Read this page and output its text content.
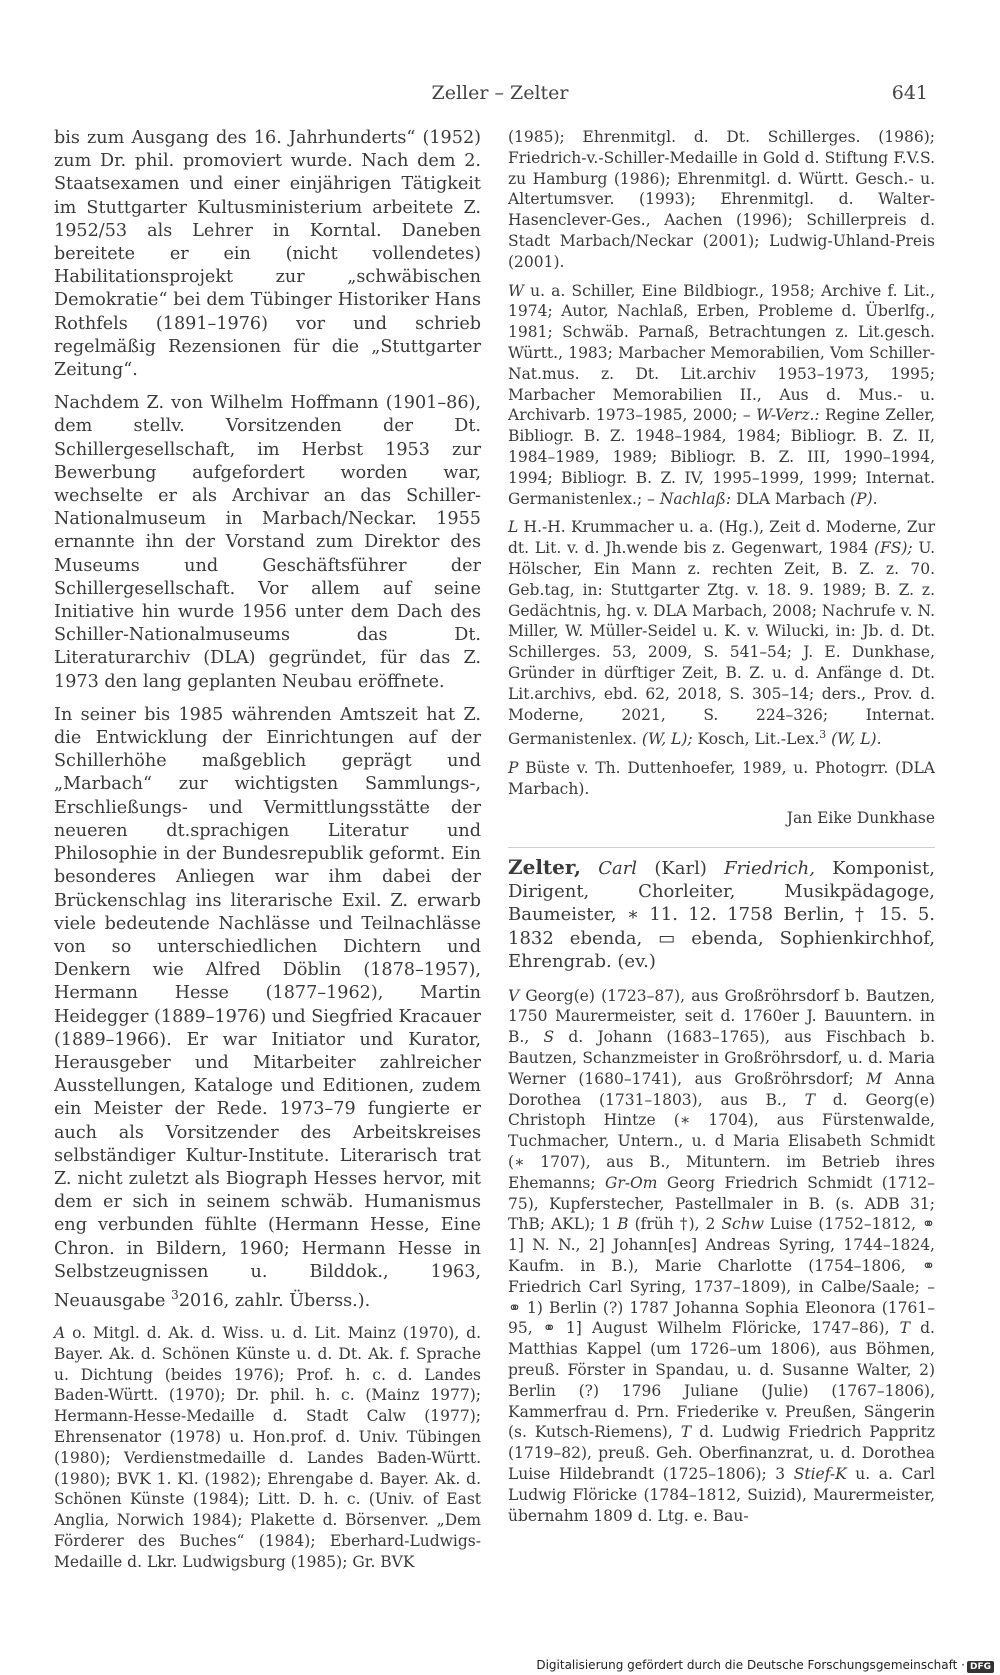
Zeller – Zelter	641

bis zum Ausgang des 16. Jahrhunderts“ (1952) zum Dr. phil. promoviert wurde. Nach dem 2. Staatsexamen und einer einjährigen Tätigkeit im Stuttgarter Kultusministerium arbeitete Z. 1952/53 als Lehrer in Korntal. Daneben bereitete er ein (nicht vollendetes) Habilitationsprojekt zur „schwäbischen Demokratie“ bei dem Tübinger Historiker Hans Rothfels (1891–1976) vor und schrieb regelmäßig Rezensionen für die „Stuttgarter Zeitung“.

Nachdem Z. von Wilhelm Hoffmann (1901–86), dem stellv. Vorsitzenden der Dt. Schillergesellschaft, im Herbst 1953 zur Bewerbung aufgefordert worden war, wechselte er als Archivar an das Schiller-Nationalmuseum in Marbach/Neckar. 1955 ernannte ihn der Vorstand zum Direktor des Museums und Geschäftsführer der Schillergesellschaft. Vor allem auf seine Initiative hin wurde 1956 unter dem Dach des Schiller-Nationalmuseums das Dt. Literaturarchiv (DLA) gegründet, für das Z. 1973 den lang geplanten Neubau eröffnete.

In seiner bis 1985 währenden Amtszeit hat Z. die Entwicklung der Einrichtungen auf der Schillerhöhe maßgeblich geprägt und „Marbach“ zur wichtigsten Sammlungs-, Erschließungs- und Vermittlungsstätte der neueren dt.sprachigen Literatur und Philosophie in der Bundesrepublik geformt. Ein besonderes Anliegen war ihm dabei der Brückenschlag ins literarische Exil. Z. erwarb viele bedeutende Nachlässe und Teilnachlässe von so unterschiedlichen Dichtern und Denkern wie Alfred Döblin (1878–1957), Hermann Hesse (1877–1962), Martin Heidegger (1889–1976) und Siegfried Kracauer (1889–1966). Er war Initiator und Kurator, Herausgeber und Mitarbeiter zahlreicher Ausstellungen, Kataloge und Editionen, zudem ein Meister der Rede. 1973–79 fungierte er auch als Vorsitzender des Arbeitskreises selbständiger Kultur-Institute. Literarisch trat Z. nicht zuletzt als Biograph Hesses hervor, mit dem er sich in seinem schwäb. Humanismus eng verbunden fühlte (Hermann Hesse, Eine Chron. in Bildern, 1960; Hermann Hesse in Selbstzeugnissen u. Bilddok., 1963, Neuausgabe $^3$2016, zahlr. Überss.).

A o. Mitgl. d. Ak. d. Wiss. u. d. Lit. Mainz (1970), d. Bayer. Ak. d. Schönen Künste u. d. Dt. Ak. f. Sprache u. Dichtung (beides 1976); Prof. h. c. d. Landes Baden-Württ. (1970); Dr. phil. h. c. (Mainz 1977); Hermann-Hesse-Medaille d. Stadt Calw (1977); Ehrensenator (1978) u. Hon.prof. d. Univ. Tübingen (1980); Verdienstmedaille d. Landes Baden-Württ. (1980); BVK 1. Kl. (1982); Ehrengabe d. Bayer. Ak. d. Schönen Künste (1984); Litt. D. h. c. (Univ. of East Anglia, Norwich 1984); Plakette d. Börsenver. „Dem Förderer des Buches“ (1984); Eberhard-Ludwigs-Medaille d. Lkr. Ludwigsburg (1985); Gr. BVK
(1985); Ehrenmitgl. d. Dt. Schillerges. (1986); Friedrich-v.-Schiller-Medaille in Gold d. Stiftung F.V.S. zu Hamburg (1986); Ehrenmitgl. d. Württ. Gesch.- u. Altertumsver. (1993); Ehrenmitgl. d. Walter-Hasenclever-Ges., Aachen (1996); Schillerpreis d. Stadt Marbach/Neckar (2001); Ludwig-Uhland-Preis (2001).
W u. a. Schiller, Eine Bildbiogr., 1958; Archive f. Lit., 1974; Autor, Nachlaß, Erben, Probleme d. Überlfg., 1981; Schwäb. Parnaß, Betrachtungen z. Lit.gesch. Württ., 1983; Marbacher Memorabilien, Vom Schiller-Nat.mus. z. Dt. Lit.archiv 1953–1973, 1995; Marbacher Memorabilien II., Aus d. Mus.- u. Archivarb. 1973–1985, 2000; – W-Verz.: Regine Zeller, Bibliogr. B. Z. 1948–1984, 1984; Bibliogr. B. Z. II, 1984–1989, 1989; Bibliogr. B. Z. III, 1990–1994, 1994; Bibliogr. B. Z. IV, 1995–1999, 1999; Internat. Germanistenlex.; – Nachlaß: DLA Marbach (P).
L H.-H. Krummacher u. a. (Hg.), Zeit d. Moderne, Zur dt. Lit. v. d. Jh.wende bis z. Gegenwart, 1984 (FS); U. Hölscher, Ein Mann z. rechten Zeit, B. Z. z. 70. Geb.tag, in: Stuttgarter Ztg. v. 18. 9. 1989; B. Z. z. Gedächtnis, hg. v. DLA Marbach, 2008; Nachrufe v. N. Miller, W. Müller-Seidel u. K. v. Wilucki, in: Jb. d. Dt. Schillerges. 53, 2009, S. 541–54; J. E. Dunkhase, Gründer in dürftiger Zeit, B. Z. u. d. Anfänge d. Dt. Lit.archivs, ebd. 62, 2018, S. 305–14; ders., Prov. d. Moderne, 2021, S. 224–326; Internat. Germanistenlex. (W, L); Kosch, Lit.-Lex.$^3$ (W, L).
P Büste v. Th. Duttenhoefer, 1989, u. Photogrr. (DLA Marbach).
Jan Eike Dunkhase
Zelter, Carl (Karl) Friedrich, Komponist, Dirigent, Chorleiter, Musikpädagoge, Baumeister, ∗ 11. 12. 1758 Berlin, † 15. 5. 1832 ebenda, ▭ ebenda, Sophienkirchhof, Ehrengrab. (ev.)
V Georg(e) (1723–87), aus Großröhrsdorf b. Bautzen, 1750 Maurermeister, seit d. 1760er J. Bauuntern. in B., S d. Johann (1683–1765), aus Fischbach b. Bautzen, Schanzmeister in Großröhrsdorf, u. d. Maria Werner (1680–1741), aus Großröhrsdorf; M Anna Dorothea (1731–1803), aus B., T d. Georg(e) Christoph Hintze (∗ 1704), aus Fürstenwalde, Tuchmacher, Untern., u. d Maria Elisabeth Schmidt (∗ 1707), aus B., Mituntern. im Betrieb ihres Ehemanns; Gr-Om Georg Friedrich Schmidt (1712–75), Kupferstecher, Pastellmaler in B. (s. ADB 31; ThB; AKL); 1 B (früh †), 2 Schw Luise (1752–1812, ⚭ 1] N. N., 2] Johann[es] Andreas Syring, 1744–1824, Kaufm. in B.), Marie Charlotte (1754–1806, ⚭ Friedrich Carl Syring, 1737–1809), in Calbe/Saale; – ⚭ 1) Berlin (?) 1787 Johanna Sophia Eleonora (1761–95, ⚭ 1] August Wilhelm Flöricke, 1747–86), T d. Matthias Kappel (um 1726–um 1806), aus Böhmen, preuß. Förster in Spandau, u. d. Susanne Walter, 2) Berlin (?) 1796 Juliane (Julie) (1767–1806), Kammerfrau d. Prn. Friederike v. Preußen, Sängerin (s. Kutsch-Riemens), T d. Ludwig Friedrich Pappritz (1719–82), preuß. Geh. Oberfinanzrat, u. d. Dorothea Luise Hildebrandt (1725–1806); 3 Stief-K u. a. Carl Ludwig Flöricke (1784–1812, Suizid), Maurermeister, übernahm 1809 d. Ltg. e. Bau-
Digitalisierung gefördert durch die Deutsche Forschungsgemeinschaft · DFG
